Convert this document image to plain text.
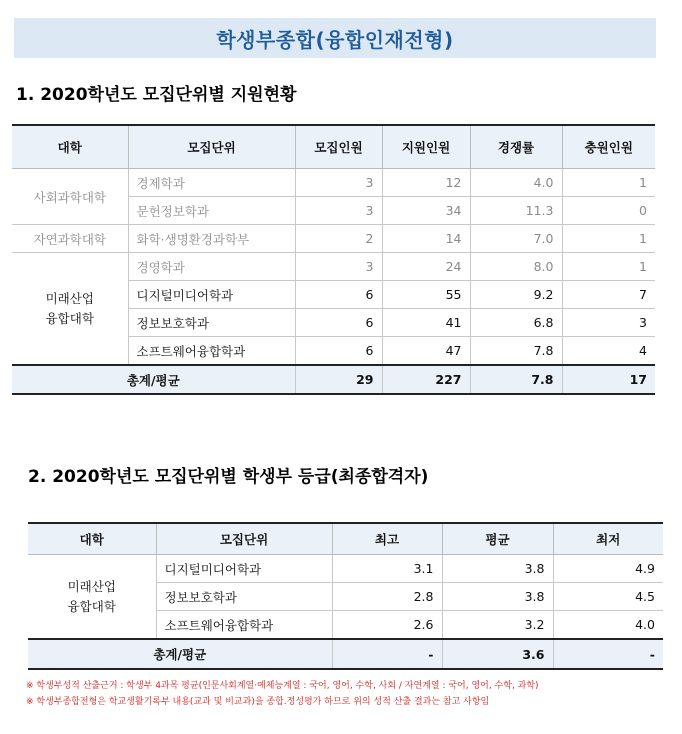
학생부종합(융합인재전형)
1. 2020학년도 모집단위별 지원현황
대학	모집단위	모집인원	지원인원	경쟁률	충원인원
사회과학대학	경제학과	3	12	4.0	1
	문헌정보학과	3	34	11.3	0
자연과학대학	화학·생명환경과학부	2	14	7.0	1
미래산업
융합대학	경영학과	3	24	8.0	1
	디지털미디어학과	6	55	9.2	7
	정보보호학과	6	41	6.8	3
	소프트웨어융합학과	6	47	7.8	4
총계/평균		29	227	7.8	17
2. 2020학년도 모집단위별 학생부 등급(최종합격자)
대학	모집단위	최고	평균	최저
미래산업
융합대학	디지털미디어학과	3.1	3.8	4.9
	정보보호학과	2.8	3.8	4.5
	소프트웨어융합학과	2.6	3.2	4.0
총계/평균		-	3.6	-
※ 학생부성적 산출근거 : 학생부 4과목 평균(인문사회계열·예체능계열 : 국어, 영어, 수학, 사회 / 자연계열 : 국어, 영어, 수학, 과학)
※ 학생부종합전형은 학교생활기록부 내용(교과 및 비교과)을 종합.정성평가 하므로 위의 성적 산출 결과는 참고 사항임
